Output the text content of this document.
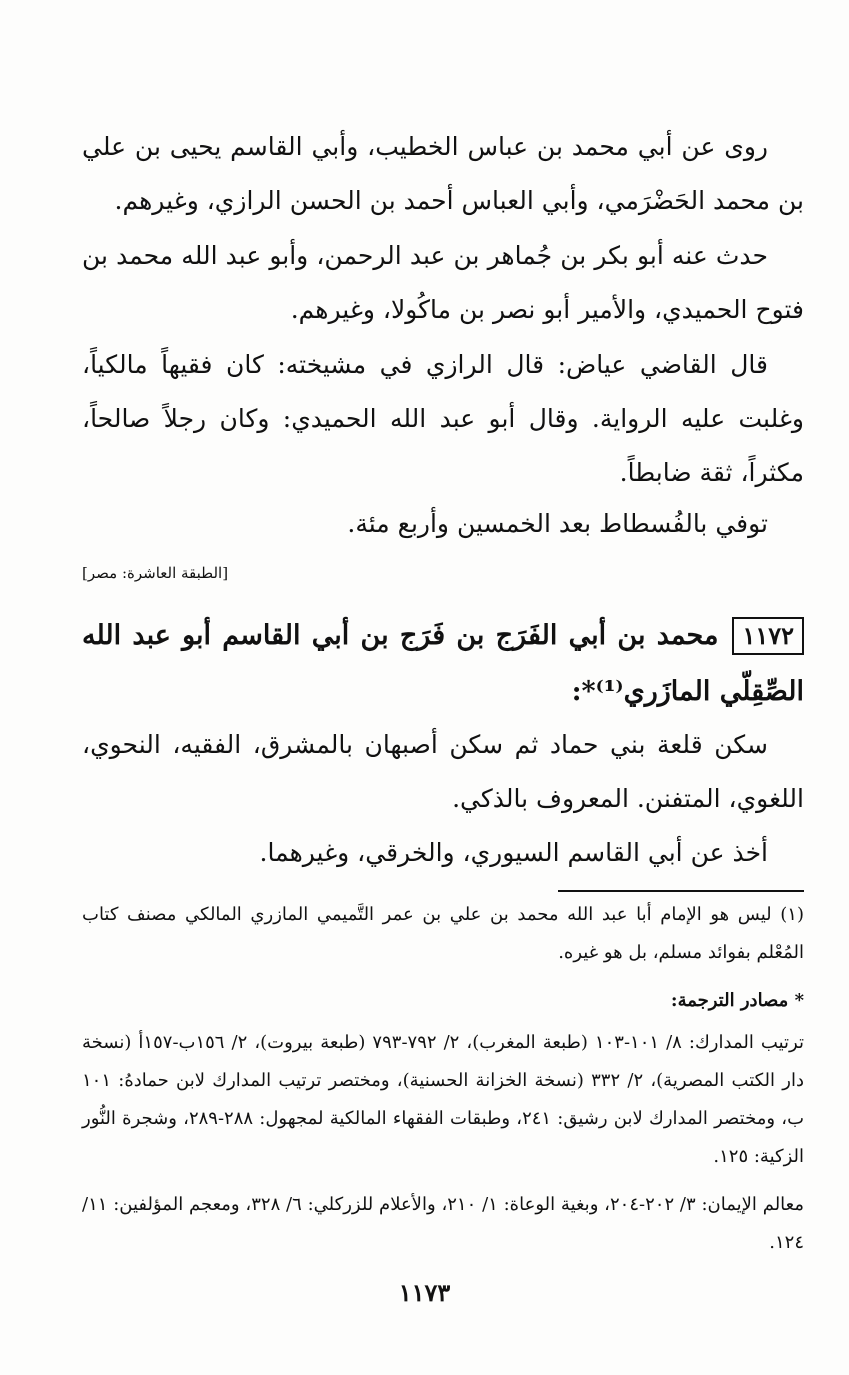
روى عن أبي محمد بن عباس الخطيب، وأبي القاسم يحيى بن علي بن محمد الحَضْرَمي، وأبي العباس أحمد بن الحسن الرازي، وغيرهم.

حدث عنه أبو بكر بن جُماهر بن عبد الرحمن، وأبو عبد الله محمد بن فتوح الحميدي، والأمير أبو نصر بن ماكُولا، وغيرهم.

قال القاضي عياض: قال الرازي في مشيخته: كان فقيهاً مالكياً، وغلبت عليه الرواية. وقال أبو عبد الله الحميدي: وكان رجلاً صالحاً، مكثراً، ثقة ضابطاً.

توفي بالفُسطاط بعد الخمسين وأربع مئة.

[الطبقة العاشرة: مصر]

١١٧٢محمد بن أبي الفَرَج بن فَرَج بن أبي القاسم أبو عبد الله الصِّقِلّي المازَري⁽¹⁾*:

سكن قلعة بني حماد ثم سكن أصبهان بالمشرق، الفقيه، النحوي، اللغوي، المتفنن. المعروف بالذكي.

أخذ عن أبي القاسم السيوري، والخرقي، وغيرهما.

(١) ليس هو الإمام أبا عبد الله محمد بن علي بن عمر التَّميمي المازري المالكي مصنف كتاب المُعْلم بفوائد مسلم، بل هو غيره.

* مصادر الترجمة:

ترتيب المدارك: ٨/ ١٠١-١٠٣ (طبعة المغرب)، ٢/ ٧٩٢-٧٩٣ (طبعة بيروت)، ٢/ ١٥٦ب-١٥٧أ (نسخة دار الكتب المصرية)، ٢/ ٣٣٢ (نسخة الخزانة الحسنية)، ومختصر ترتيب المدارك لابن حمادهُ: ١٠١ ب، ومختصر المدارك لابن رشيق: ٢٤١، وطبقات الفقهاء المالكية لمجهول: ٢٨٨-٢٨٩، وشجرة النُّور الزكية: ١٢٥.

معالم الإيمان: ٣/ ٢٠٢-٢٠٤، وبغية الوعاة: ١/ ٢١٠، والأعلام للزركلي: ٦/ ٣٢٨، ومعجم المؤلفين: ١١/ ١٢٤.

١١٧٣
